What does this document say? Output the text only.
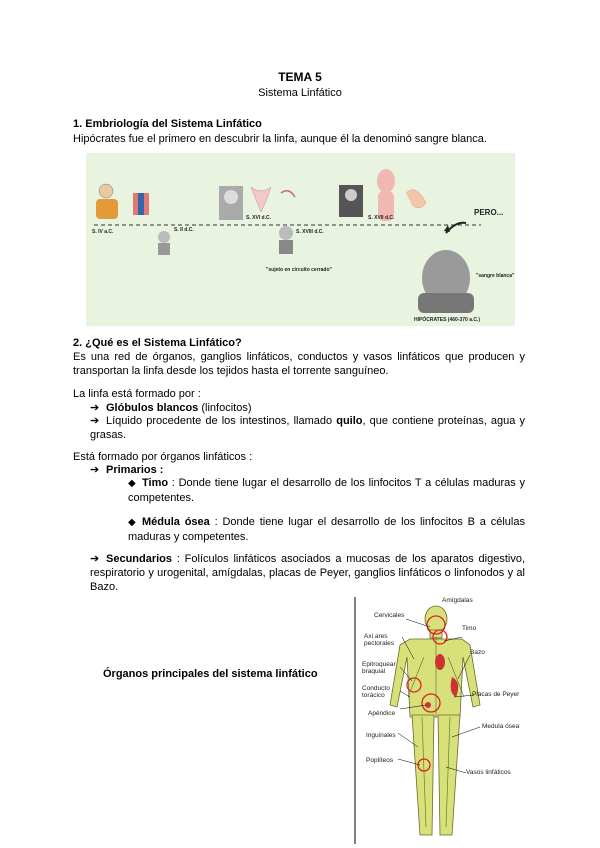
TEMA 5
Sistema Linfático
1. Embriología del Sistema Linfático
Hipócrates fue el primero en descubrir la linfa, aunque él la denominó sangre blanca.
S. IV a.C.	S. II d.C.
S. XVI d.C.	S. XVII d.C.
S. XVIII d.C.
PERO...
"sujeto en circuito cerrado"
"sangre blanca"
HIPÓCRATES (460-370 a.C.)
2. ¿Qué es el Sistema Linfático?
Es una red de órganos, ganglios linfáticos, conductos y vasos linfáticos que producen y transportan la linfa desde los tejidos hasta el torrente sanguíneo.
La linfa está formado por :
➔ Glóbulos blancos (linfocitos)
➔ Líquido procedente de los intestinos, llamado quilo, que contiene proteínas, agua y grasas.
Está formado por órganos linfáticos :
➔ Primarios :
◆ Timo : Donde tiene lugar el desarrollo de los linfocitos T a células maduras y competentes.
◆ Médula ósea : Donde tiene lugar el desarrollo de los linfocitos B a células maduras y competentes.
➔ Secundarios : Folículos linfáticos asociados a mucosas de los aparatos digestivo, respiratorio y urogenital, amígdalas, placas de Peyer, ganglios linfáticos o linfonodos y al Bazo.
Órganos principales del sistema linfático
Amígdalas
Cervicales
Timo
Axi ares
pectorales
Bazo
Epitroquear
braquial
Conducto
torácico	Placas de Peyer
Apéndice
Medula ósea
Inguinales
Poplíteos
Vasos linfáticos
